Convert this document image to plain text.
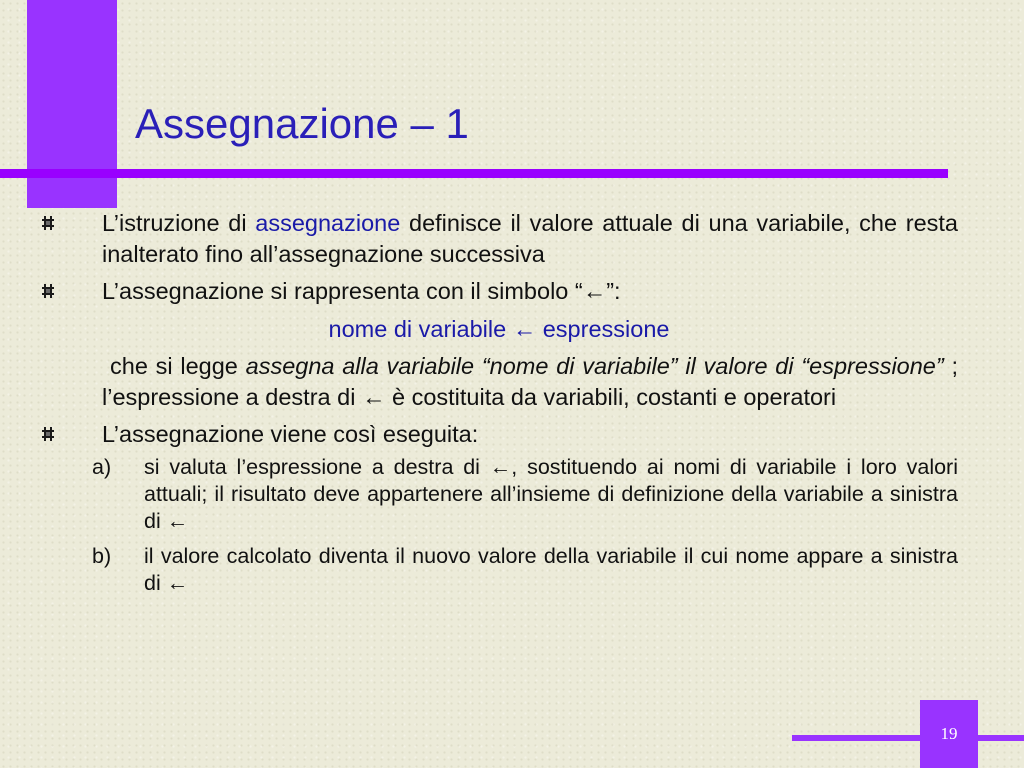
Assegnazione – 1
L’istruzione di assegnazione definisce il valore attuale di una variabile, che resta inalterato fino all’assegnazione successiva
L’assegnazione si rappresenta con il simbolo “←”:
nome di variabile ← espressione
che si legge assegna alla variabile “nome di variabile” il valore di “espressione” ; l’espressione a destra di ← è costituita da variabili, costanti e operatori
L’assegnazione viene così eseguita:
a) si valuta l’espressione a destra di ←, sostituendo ai nomi di variabile i loro valori attuali; il risultato deve appartenere all’insieme di definizione della variabile a sinistra di ←
b) il valore calcolato diventa il nuovo valore della variabile il cui nome appare a sinistra di ←
19
